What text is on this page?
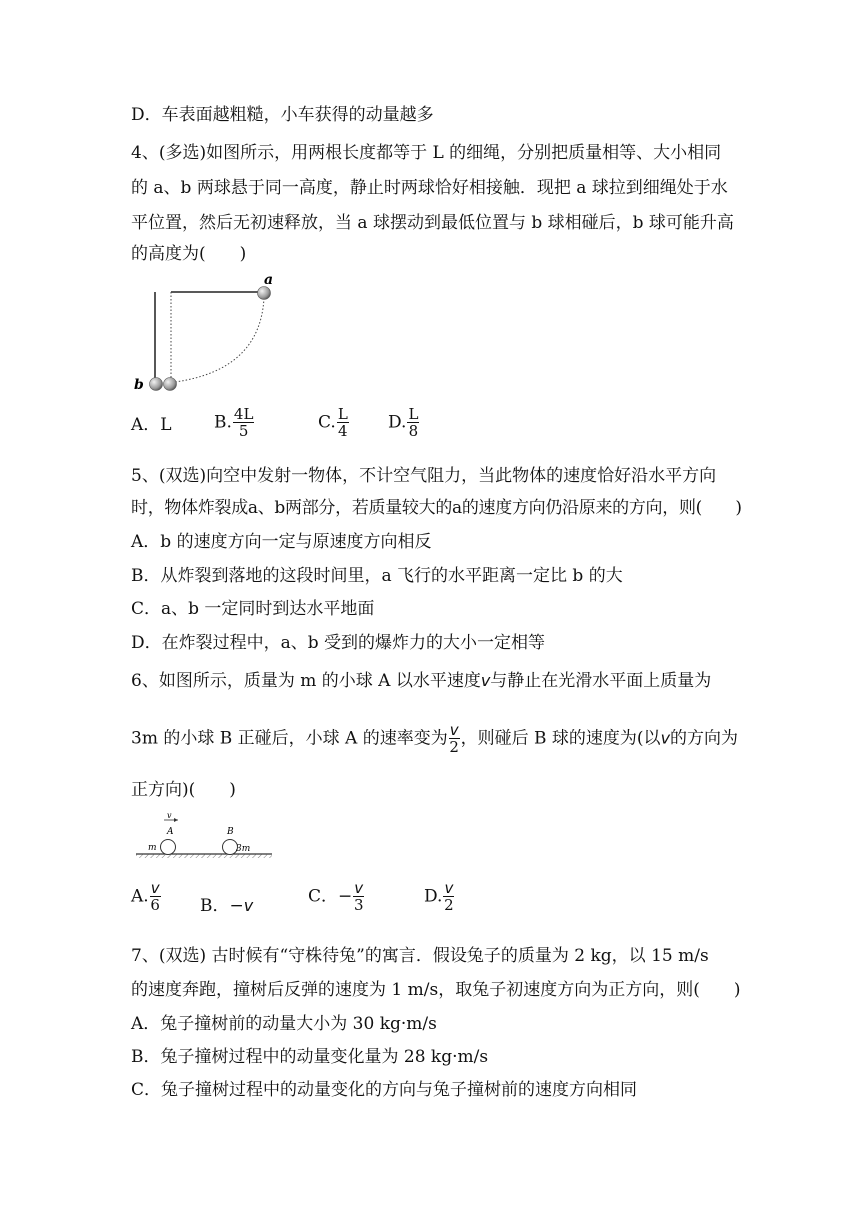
D．车表面越粗糙，小车获得的动量越多
4、(多选)如图所示，用两根长度都等于 L 的细绳，分别把质量相等、大小相同
的 a、b 两球悬于同一高度，静止时两球恰好相接触．现把 a 球拉到细绳处于水
平位置，然后无初速释放，当 a 球摆动到最低位置与 b 球相碰后，b 球可能升高
的高度为(　　)
a
b
A．L B. $\frac{4L}{5}$	C. $\frac{L}{4} D$. $\frac{L}{8}$
5、(双选)向空中发射一物体，不计空气阻力，当此物体的速度恰好沿水平方向
时，物体炸裂成a、b两部分，若质量较大的a的速度方向仍沿原来的方向，则(　　)
A．b 的速度方向一定与原速度方向相反
B．从炸裂到落地的这段时间里，a 飞行的水平距离一定比 b 的大
C．a、b 一定同时到达水平地面
D．在炸裂过程中，a、b 受到的爆炸力的大小一定相等
6、如图所示，质量为 m 的小球 A 以水平速度v与静止在光滑水平面上质量为
3m 的小球 B 正碰后，小球 A 的速率变为 $\frac{v}{2}$ ，则碰后 B 球的速度为(以v的方向为
正方向)(　　)
v
A	B
m	3m
A. $\frac{v}{6}$ B．−v	C．− $\frac{v}{3}$	D. $\frac{v}{2}$
7、(双选) 古时候有“守株待兔”的寓言．假设兔子的质量为 2 kg，以 15 m/s
的速度奔跑，撞树后反弹的速度为 1 m/s，取兔子初速度方向为正方向，则(　　)
A．兔子撞树前的动量大小为 30 kg·m/s
B．兔子撞树过程中的动量变化量为 28 kg·m/s
C．兔子撞树过程中的动量变化的方向与兔子撞树前的速度方向相同
